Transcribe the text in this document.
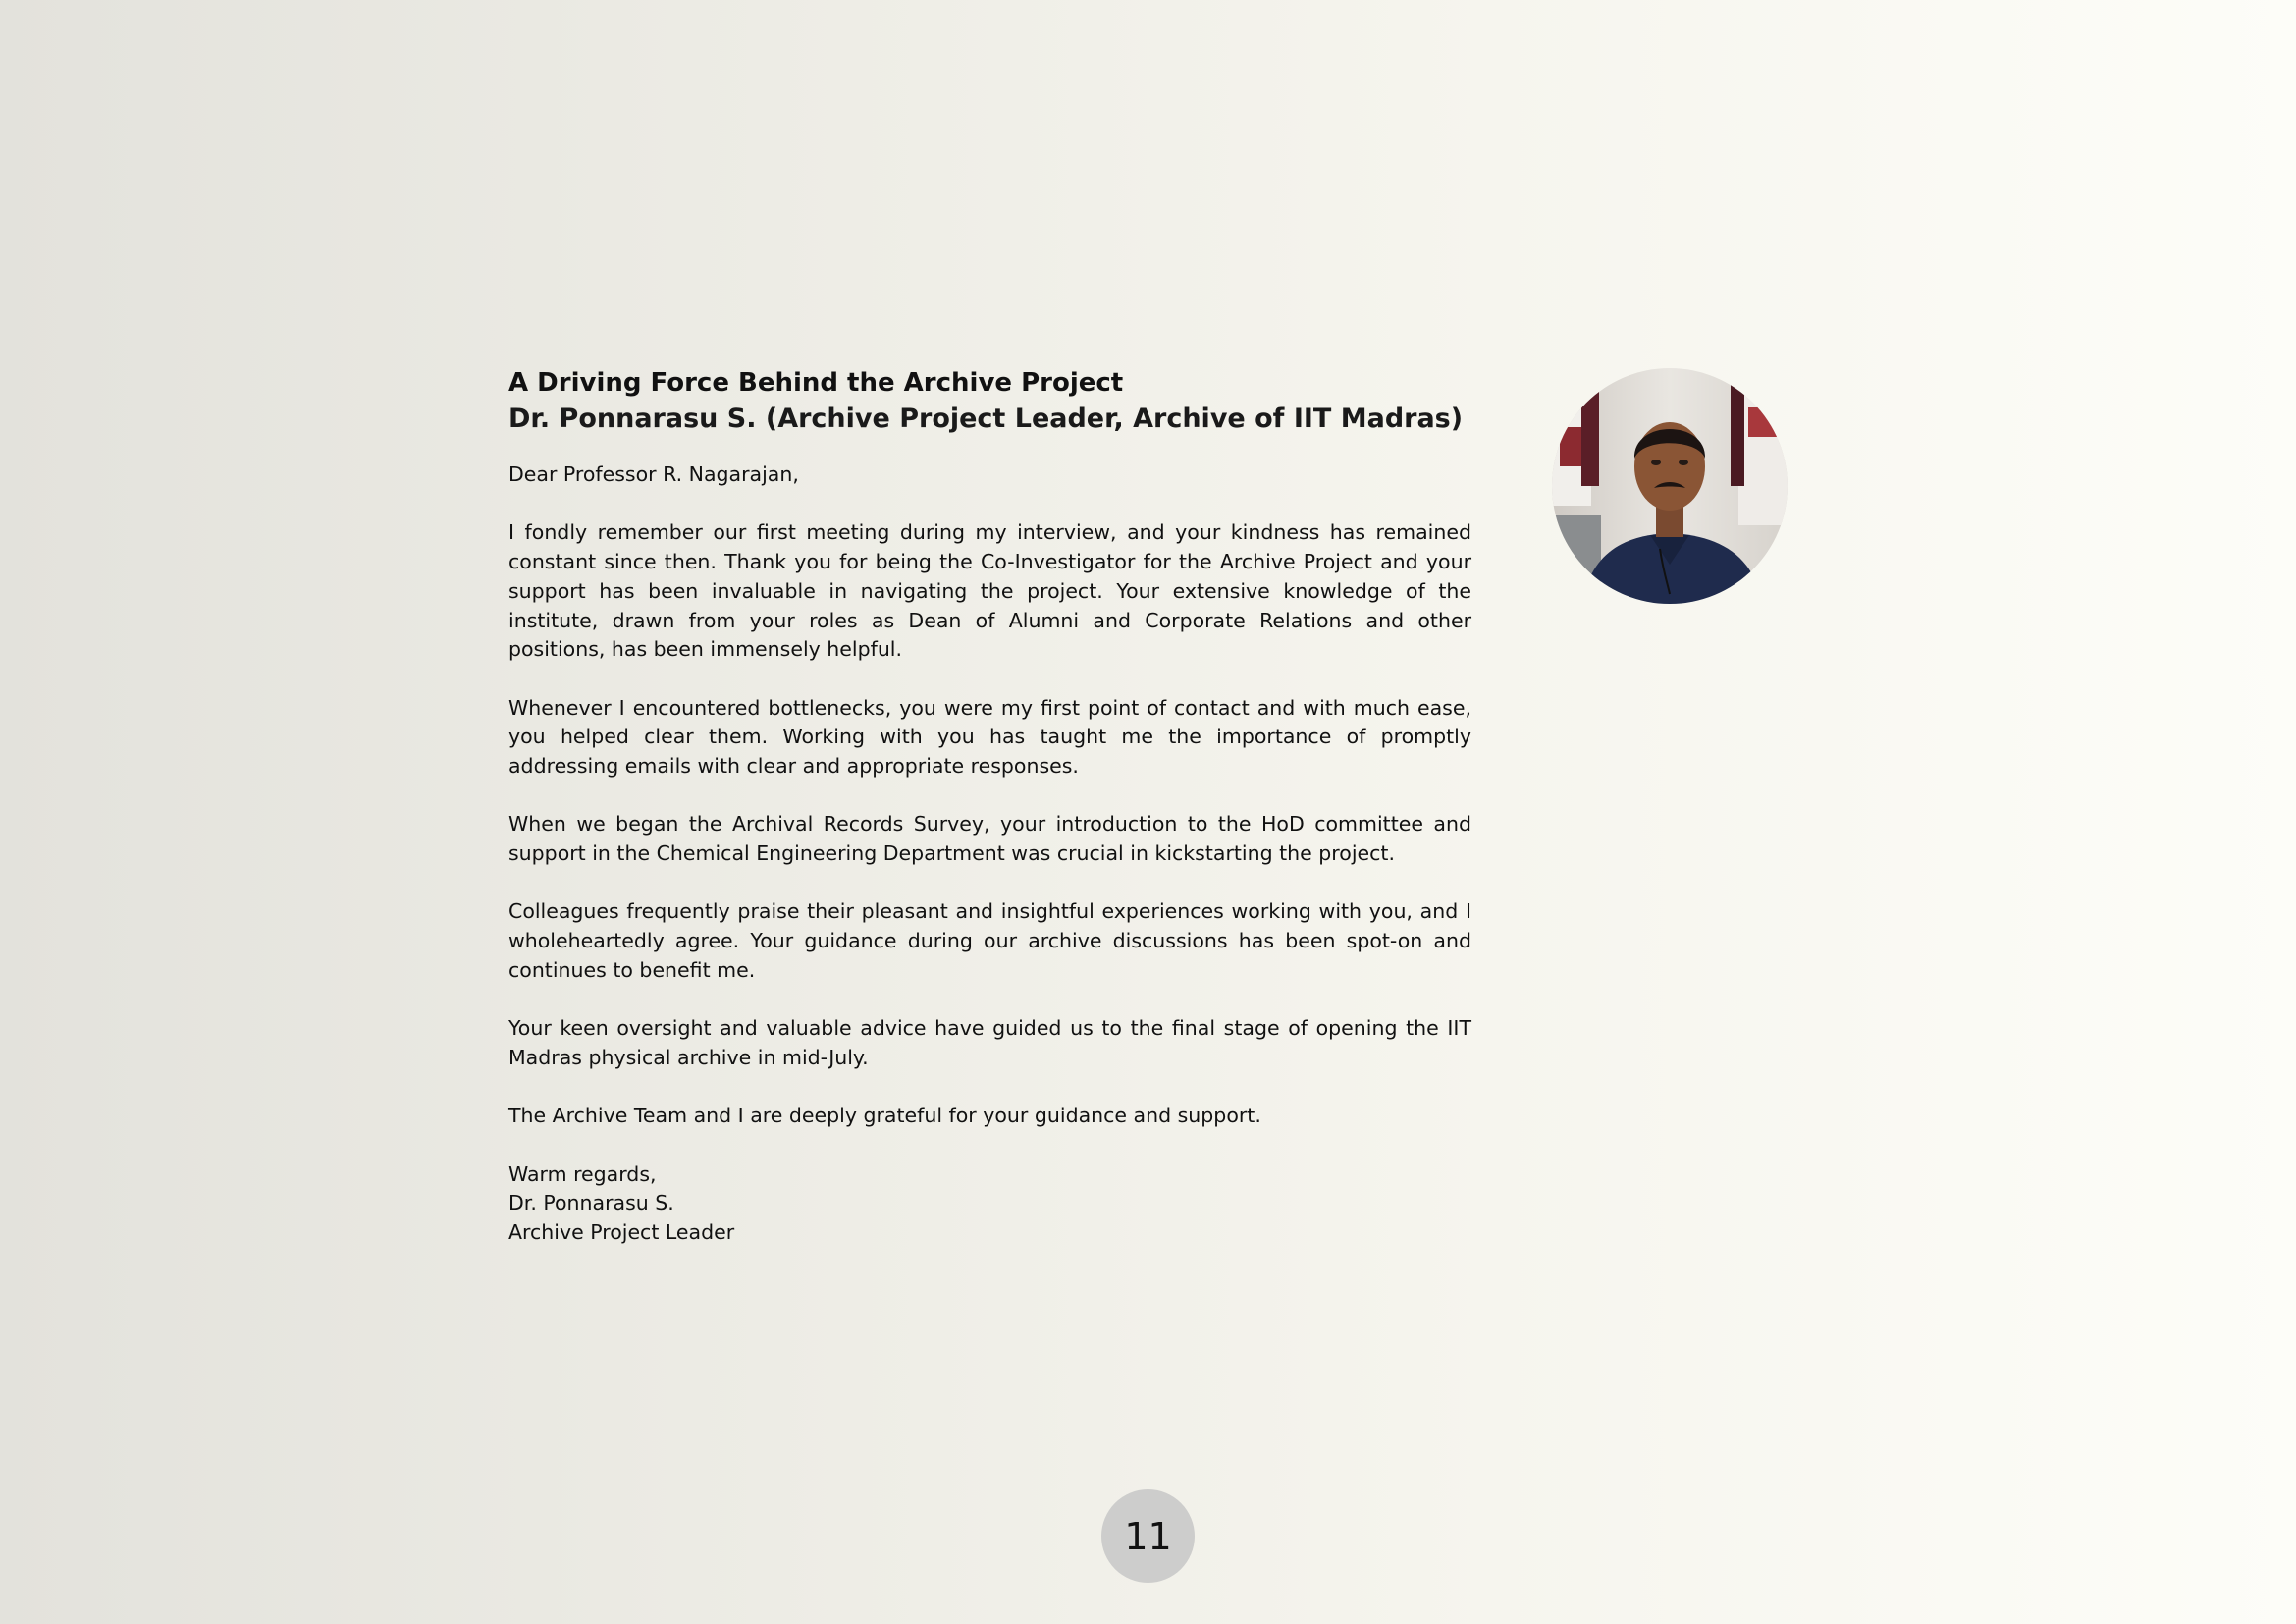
A Driving Force Behind the Archive Project
Dr. Ponnarasu S. (Archive Project Leader, Archive of IIT Madras)

Dear Professor R. Nagarajan,

I fondly remember our first meeting during my interview, and your kindness has remained constant since then. Thank you for being the Co-Investigator for the Archive Project and your support has been invaluable in navigating the project. Your extensive knowledge of the institute, drawn from your roles as Dean of Alumni and Corporate Relations and other positions, has been immensely helpful.

Whenever I encountered bottlenecks, you were my first point of contact and with much ease, you helped clear them. Working with you has taught me the importance of promptly addressing emails with clear and appropriate responses.

When we began the Archival Records Survey, your introduction to the HoD committee and support in the Chemical Engineering Department was crucial in kickstarting the project.

Colleagues frequently praise their pleasant and insightful experiences working with you, and I wholeheartedly agree. Your guidance during our archive discussions has been spot-on and continues to benefit me.

Your keen oversight and valuable advice have guided us to the final stage of opening the IIT Madras physical archive in mid-July.

The Archive Team and I are deeply grateful for your guidance and support.

Warm regards,
Dr. Ponnarasu S.
Archive Project Leader
11
